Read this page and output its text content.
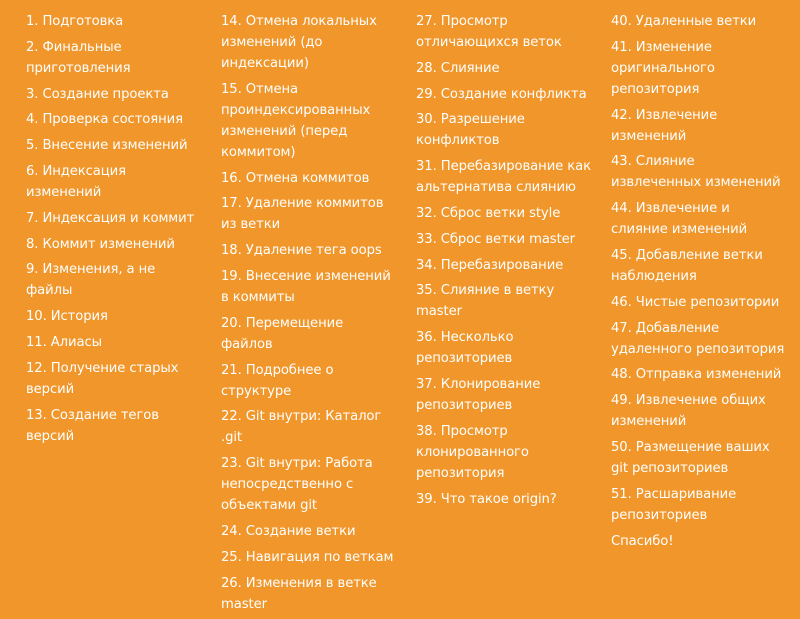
1. Подготовка
2. Финальные
приготовления
3. Создание проекта
4. Проверка состояния
5. Внесение изменений
6. Индексация
изменений
7. Индексация и коммит
8. Коммит изменений
9. Изменения, а не
файлы
10. История
11. Алиасы
12. Получение старых
версий
13. Создание тегов
версий
14. Отмена локальных
изменений (до
индексации)
15. Отмена
проиндексированных
изменений (перед
коммитом)
16. Отмена коммитов
17. Удаление коммитов
из ветки
18. Удаление тега oops
19. Внесение изменений
в коммиты
20. Перемещение
файлов
21. Подробнее о
структуре
22. Git внутри: Каталог
.git
23. Git внутри: Работа
непосредственно с
объектами git
24. Создание ветки
25. Навигация по веткам
26. Изменения в ветке
master
27. Просмотр
отличающихся веток
28. Слияние
29. Создание конфликта
30. Разрешение
конфликтов
31. Перебазирование как
альтернатива слиянию
32. Сброс ветки style
33. Сброс ветки master
34. Перебазирование
35. Слияние в ветку
master
36. Несколько
репозиториев
37. Клонирование
репозиториев
38. Просмотр
клонированного
репозитория
39. Что такое origin?
40. Удаленные ветки
41. Изменение
оригинального
репозитория
42. Извлечение
изменений
43. Слияние
извлеченных изменений
44. Извлечение и
слияние изменений
45. Добавление ветки
наблюдения
46. Чистые репозитории
47. Добавление
удаленного репозитория
48. Отправка изменений
49. Извлечение общих
изменений
50. Размещение ваших
git репозиториев
51. Расшаривание
репозиториев
Спасибо!
